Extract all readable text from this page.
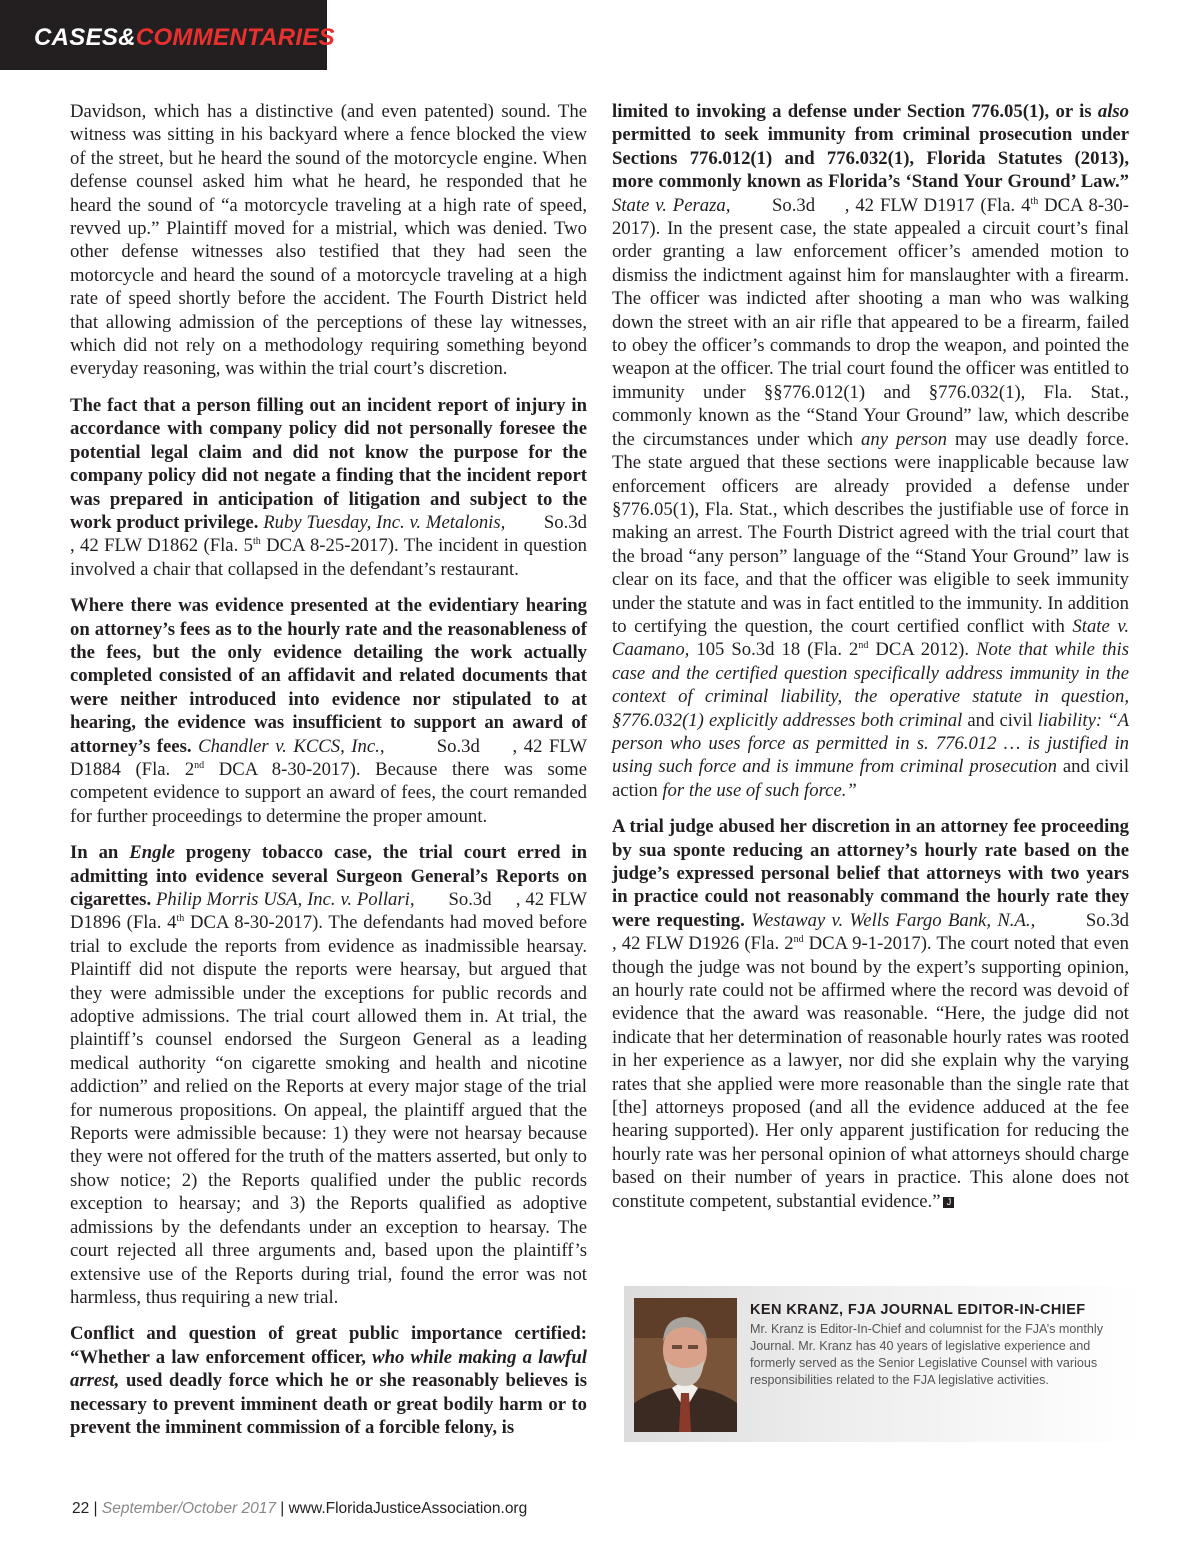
CASES&COMMENTARIES

Davidson, which has a distinctive (and even patented) sound. The witness was sitting in his backyard where a fence blocked the view of the street, but he heard the sound of the motorcycle engine. When defense counsel asked him what he heard, he responded that he heard the sound of “a motorcycle traveling at a high rate of speed, revved up.” Plaintiff moved for a mistrial, which was denied. Two other defense witnesses also testified that they had seen the motorcycle and heard the sound of a motorcycle traveling at a high rate of speed shortly before the accident. The Fourth District held that allowing admission of the perceptions of these lay witnesses, which did not rely on a methodology requiring something beyond everyday reasoning, was within the trial court’s discretion.

The fact that a person filling out an incident report of injury in accordance with company policy did not personally foresee the potential legal claim and did not know the purpose for the company policy did not negate a finding that the incident report was prepared in anticipation of litigation and subject to the work product privilege. Ruby Tuesday, Inc. v. Metalonis,        So.3d     , 42 FLW D1862 (Fla. 5th DCA 8-25-2017). The incident in question involved a chair that collapsed in the defendant’s restaurant.

Where there was evidence presented at the evidentiary hearing on attorney’s fees as to the hourly rate and the reasonableness of the fees, but the only evidence detailing the work actually completed consisted of an affidavit and related documents that were neither introduced into evidence nor stipulated to at hearing, the evidence was insufficient to support an award of attorney’s fees. Chandler v. KCCS, Inc.,        So.3d     , 42 FLW D1884 (Fla. 2nd DCA 8-30-2017). Because there was some competent evidence to support an award of fees, the court remanded for further proceedings to determine the proper amount.

In an Engle progeny tobacco case, the trial court erred in admitting into evidence several Surgeon General’s Reports on cigarettes. Philip Morris USA, Inc. v. Pollari,       So.3d     , 42 FLW D1896 (Fla. 4th DCA 8-30-2017). The defendants had moved before trial to exclude the reports from evidence as inadmissible hearsay. Plaintiff did not dispute the reports were hearsay, but argued that they were admissible under the exceptions for public records and adoptive admissions. The trial court allowed them in. At trial, the plaintiff’s counsel endorsed the Surgeon General as a leading medical authority “on cigarette smoking and health and nicotine addiction” and relied on the Reports at every major stage of the trial for numerous propositions. On appeal, the plaintiff argued that the Reports were admissible because: 1) they were not hearsay because they were not offered for the truth of the matters asserted, but only to show notice; 2) the Reports qualified under the public records exception to hearsay; and 3) the Reports qualified as adoptive admissions by the defendants under an exception to hearsay. The court rejected all three arguments and, based upon the plaintiff’s extensive use of the Reports during trial, found the error was not harmless, thus requiring a new trial.

Conflict and question of great public importance certified: “Whether a law enforcement officer, who while making a lawful arrest, used deadly force which he or she reasonably believes is necessary to prevent imminent death or great bodily harm or to prevent the imminent commission of a forcible felony, is

limited to invoking a defense under Section 776.05(1), or is also permitted to seek immunity from criminal prosecution under Sections 776.012(1) and 776.032(1), Florida Statutes (2013), more commonly known as Florida’s ‘Stand Your Ground’ Law.” State v. Peraza,       So.3d     , 42 FLW D1917 (Fla. 4th DCA 8-30-2017). In the present case, the state appealed a circuit court’s final order granting a law enforcement officer’s amended motion to dismiss the indictment against him for manslaughter with a firearm. The officer was indicted after shooting a man who was walking down the street with an air rifle that appeared to be a firearm, failed to obey the officer’s commands to drop the weapon, and pointed the weapon at the officer. The trial court found the officer was entitled to immunity under §§776.012(1) and §776.032(1), Fla. Stat., commonly known as the “Stand Your Ground” law, which describe the circumstances under which any person may use deadly force. The state argued that these sections were inapplicable because law enforcement officers are already provided a defense under §776.05(1), Fla. Stat., which describes the justifiable use of force in making an arrest. The Fourth District agreed with the trial court that the broad “any person” language of the “Stand Your Ground” law is clear on its face, and that the officer was eligible to seek immunity under the statute and was in fact entitled to the immunity. In addition to certifying the question, the court certified conflict with State v. Caamano, 105 So.3d 18 (Fla. 2nd DCA 2012). Note that while this case and the certified question specifically address immunity in the context of criminal liability, the operative statute in question, §776.032(1) explicitly addresses both criminal and civil liability: “A person who uses force as permitted in s. 776.012 … is justified in using such force and is immune from criminal prosecution and civil action for the use of such force.”

A trial judge abused her discretion in an attorney fee proceeding by sua sponte reducing an attorney’s hourly rate based on the judge’s expressed personal belief that attorneys with two years in practice could not reasonably command the hourly rate they were requesting. Westaway v. Wells Fargo Bank, N.A.,        So.3d     , 42 FLW D1926 (Fla. 2nd DCA 9-1-2017). The court noted that even though the judge was not bound by the expert’s supporting opinion, an hourly rate could not be affirmed where the record was devoid of evidence that the award was reasonable. “Here, the judge did not indicate that her determination of reasonable hourly rates was rooted in her experience as a lawyer, nor did she explain why the varying rates that she applied were more reasonable than the single rate that [the] attorneys proposed (and all the evidence adduced at the fee hearing supported). Her only apparent justification for reducing the hourly rate was her personal opinion of what attorneys should charge based on their number of years in practice. This alone does not constitute competent, substantial evidence.” J

KEN KRANZ, FJA JOURNAL EDITOR-IN-CHIEF
Mr. Kranz is Editor-In-Chief and columnist for the FJA’s monthly Journal. Mr. Kranz has 40 years of legislative experience and formerly served as the Senior Legislative Counsel with various responsibilities related to the FJA legislative activities.
22 | September/October 2017 | www.FloridaJusticeAssociation.org
